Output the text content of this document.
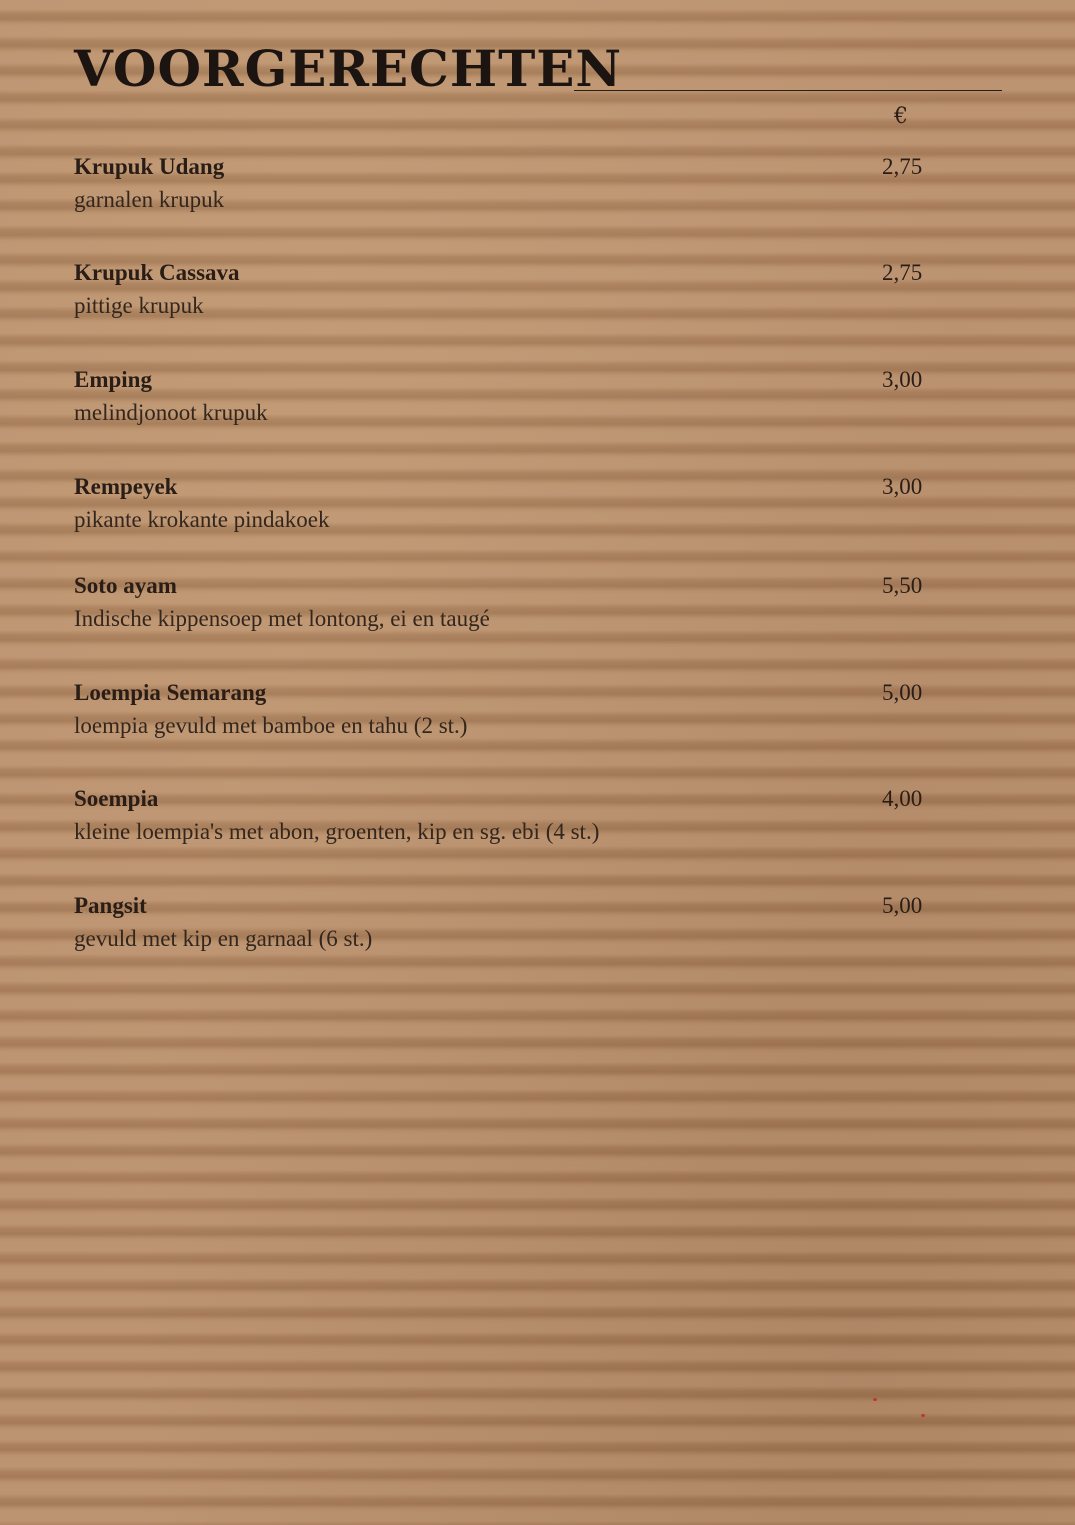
VOORGERECHTEN
€
Krupuk Udang
garnalen krupuk
2,75
Krupuk Cassava
pittige krupuk
2,75
Emping
melindjonoot krupuk
3,00
Rempeyek
pikante krokante pindakoek
3,00
Soto ayam
Indische kippensoep met lontong, ei en taugé
5,50
Loempia Semarang
loempia gevuld met bamboe en tahu (2 st.)
5,00
Soempia
kleine loempia's met abon, groenten, kip en sg. ebi (4 st.)
4,00
Pangsit
gevuld met kip en garnaal (6 st.)
5,00
